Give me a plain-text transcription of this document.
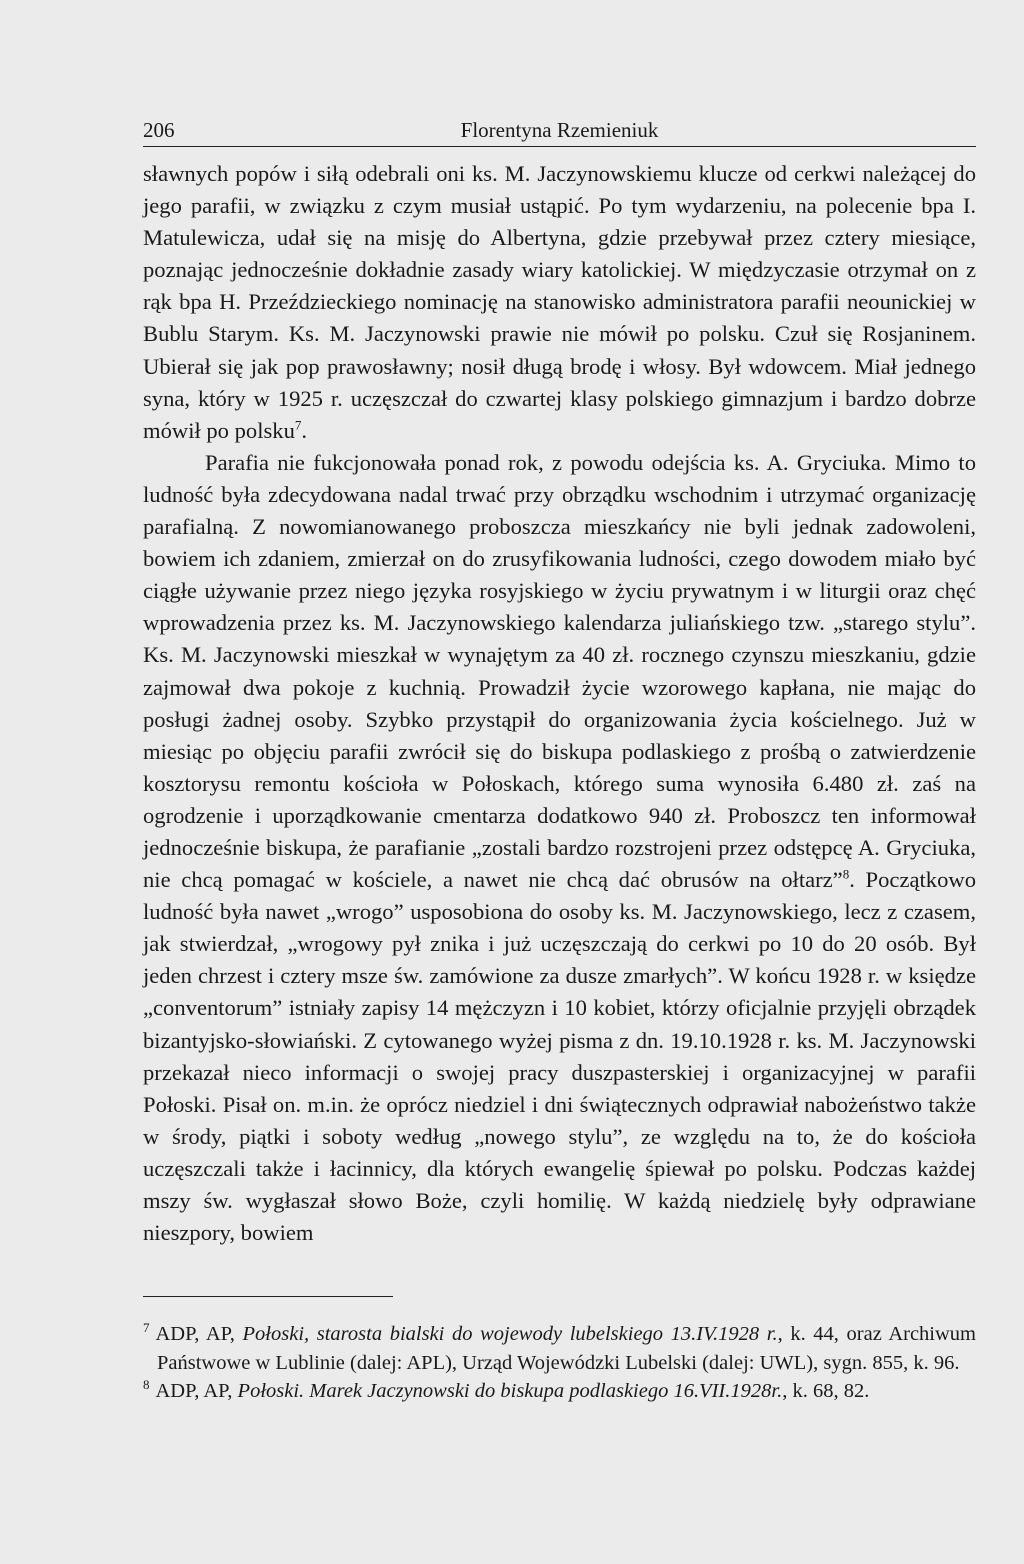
206	Florentyna Rzemieniuk

sławnych popów i siłą odebrali oni ks. M. Jaczynowskiemu klucze od cerkwi należącej do jego parafii, w związku z czym musiał ustąpić. Po tym wydarzeniu, na polecenie bpa I. Matulewicza, udał się na misję do Albertyna, gdzie przebywał przez cztery miesiące, poznając jednocześnie dokładnie zasady wiary katolickiej. W międzyczasie otrzymał on z rąk bpa H. Przeździeckiego nominację na stanowisko administratora parafii neounickiej w Bublu Starym. Ks. M. Jaczynowski prawie nie mówił po polsku. Czuł się Rosjaninem. Ubierał się jak pop prawosławny; nosił długą brodę i włosy. Był wdowcem. Miał jednego syna, który w 1925 r. uczęszczał do czwartej klasy polskiego gimnazjum i bardzo dobrze mówił po polsku$^7$.

Parafia nie fukcjonowała ponad rok, z powodu odejścia ks. A. Gryciuka. Mimo to ludność była zdecydowana nadal trwać przy obrządku wschodnim i utrzymać organizację parafialną. Z nowomianowanego proboszcza mieszkańcy nie byli jednak zadowoleni, bowiem ich zdaniem, zmierzał on do zrusyfikowania ludności, czego dowodem miało być ciągłe używanie przez niego języka rosyjskiego w życiu prywatnym i w liturgii oraz chęć wprowadzenia przez ks. M. Jaczynowskiego kalendarza juliańskiego tzw. „starego stylu”. Ks. M. Jaczynowski mieszkał w wynajętym za 40 zł. rocznego czynszu mieszkaniu, gdzie zajmował dwa pokoje z kuchnią. Prowadził życie wzorowego kapłana, nie mając do posługi żadnej osoby. Szybko przystąpił do organizowania życia kościelnego. Już w miesiąc po objęciu parafii zwrócił się do biskupa podlaskiego z prośbą o zatwierdzenie kosztorysu remontu kościoła w Połoskach, którego suma wynosiła 6.480 zł. zaś na ogrodzenie i uporządkowanie cmentarza dodatkowo 940 zł. Proboszcz ten informował jednocześnie biskupa, że parafianie „zostali bardzo rozstrojeni przez odstępcę A. Gryciuka, nie chcą pomagać w kościele, a nawet nie chcą dać obrusów na ołtarz”$^8$. Początkowo ludność była nawet „wrogo” usposobiona do osoby ks. M. Jaczynowskiego, lecz z czasem, jak stwierdzał, „wrogowy pył znika i już uczęszczają do cerkwi po 10 do 20 osób. Był jeden chrzest i cztery msze św. zamówione za dusze zmarłych”. W końcu 1928 r. w księdze „conventorum” istniały zapisy 14 mężczyzn i 10 kobiet, którzy oficjalnie przyjęli obrządek bizantyjsko-słowiański. Z cytowanego wyżej pisma z dn. 19.10.1928 r. ks. M. Jaczynowski przekazał nieco informacji o swojej pracy duszpasterskiej i organizacyjnej w parafii Połoski. Pisał on. m.in. że oprócz niedziel i dni świątecznych odprawiał nabożeństwo także w środy, piątki i soboty według „nowego stylu”, ze względu na to, że do kościoła uczęszczali także i łacinnicy, dla których ewangelię śpiewał po polsku. Podczas każdej mszy św. wygłaszał słowo Boże, czyli homilię. W każdą niedzielę były odprawiane nieszpory, bowiem

$^7$ ADP, AP, Połoski, starosta bialski do wojewody lubelskiego 13.IV.1928 r., k. 44, oraz Archiwum Państwowe w Lublinie (dalej: APL), Urząd Wojewódzki Lubelski (dalej: UWL), sygn. 855, k. 96.

$^8$ ADP, AP, Połoski. Marek Jaczynowski do biskupa podlaskiego 16.VII.1928r., k. 68, 82.
